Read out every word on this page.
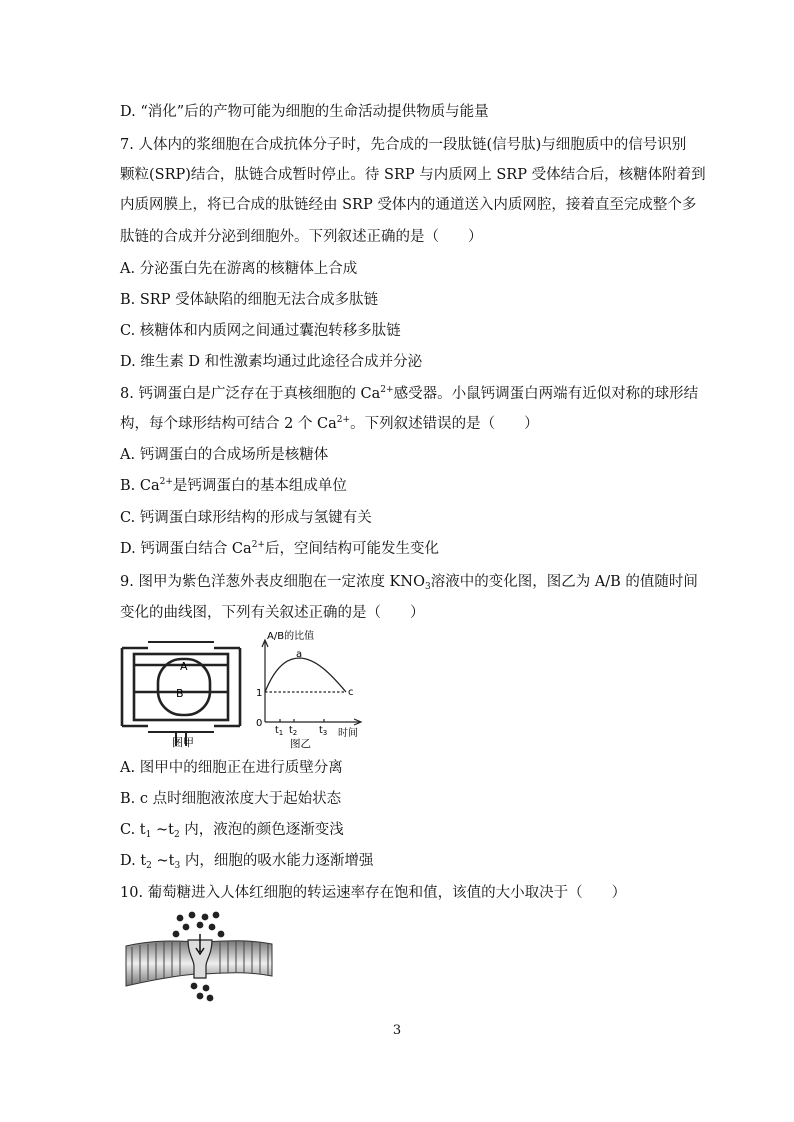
D. “消化”后的产物可能为细胞的生命活动提供物质与能量
7. 人体内的浆细胞在合成抗体分子时，先合成的一段肽链(信号肽)与细胞质中的信号识别
颗粒(SRP)结合，肽链合成暂时停止。待 SRP 与内质网上 SRP 受体结合后，核糖体附着到
内质网膜上，将已合成的肽链经由 SRP 受体内的通道送入内质网腔，接着直至完成整个多
肽链的合成并分泌到细胞外。下列叙述正确的是（　　）
A. 分泌蛋白先在游离的核糖体上合成
B. SRP 受体缺陷的细胞无法合成多肽链
C. 核糖体和内质网之间通过囊泡转移多肽链
D. 维生素 D 和性激素均通过此途径合成并分泌
8. 钙调蛋白是广泛存在于真核细胞的 $Ca^{2+}$感受器。小鼠钙调蛋白两端有近似对称的球形结
构，每个球形结构可结合 2 个 $Ca^{2+}$。下列叙述错误的是（　　）
A. 钙调蛋白的合成场所是核糖体
B. $Ca^{2+}$是钙调蛋白的基本组成单位
C. 钙调蛋白球形结构的形成与氢键有关
D. 钙调蛋白结合 $Ca^{2+}$后，空间结构可能发生变化
9. 图甲为紫色洋葱外表皮细胞在一定浓度 $KNO_3$溶液中的变化图，图乙为 A/B 的值随时间
变化的曲线图，下列有关叙述正确的是（　　）
A
B
图甲
A/B的比值
a
c
1
0
$t_1$ $t_2$ $t_3$ 时间
图乙
A. 图甲中的细胞正在进行质壁分离
B. c 点时细胞液浓度大于起始状态
C. $t_1$ $\sim t_2$ 内，液泡的颜色逐渐变浅
D. $t_2$ $\sim t_3$ 内，细胞的吸水能力逐渐增强
10. 葡萄糖进入人体红细胞的转运速率存在饱和值，该值的大小取决于（　　）
3
